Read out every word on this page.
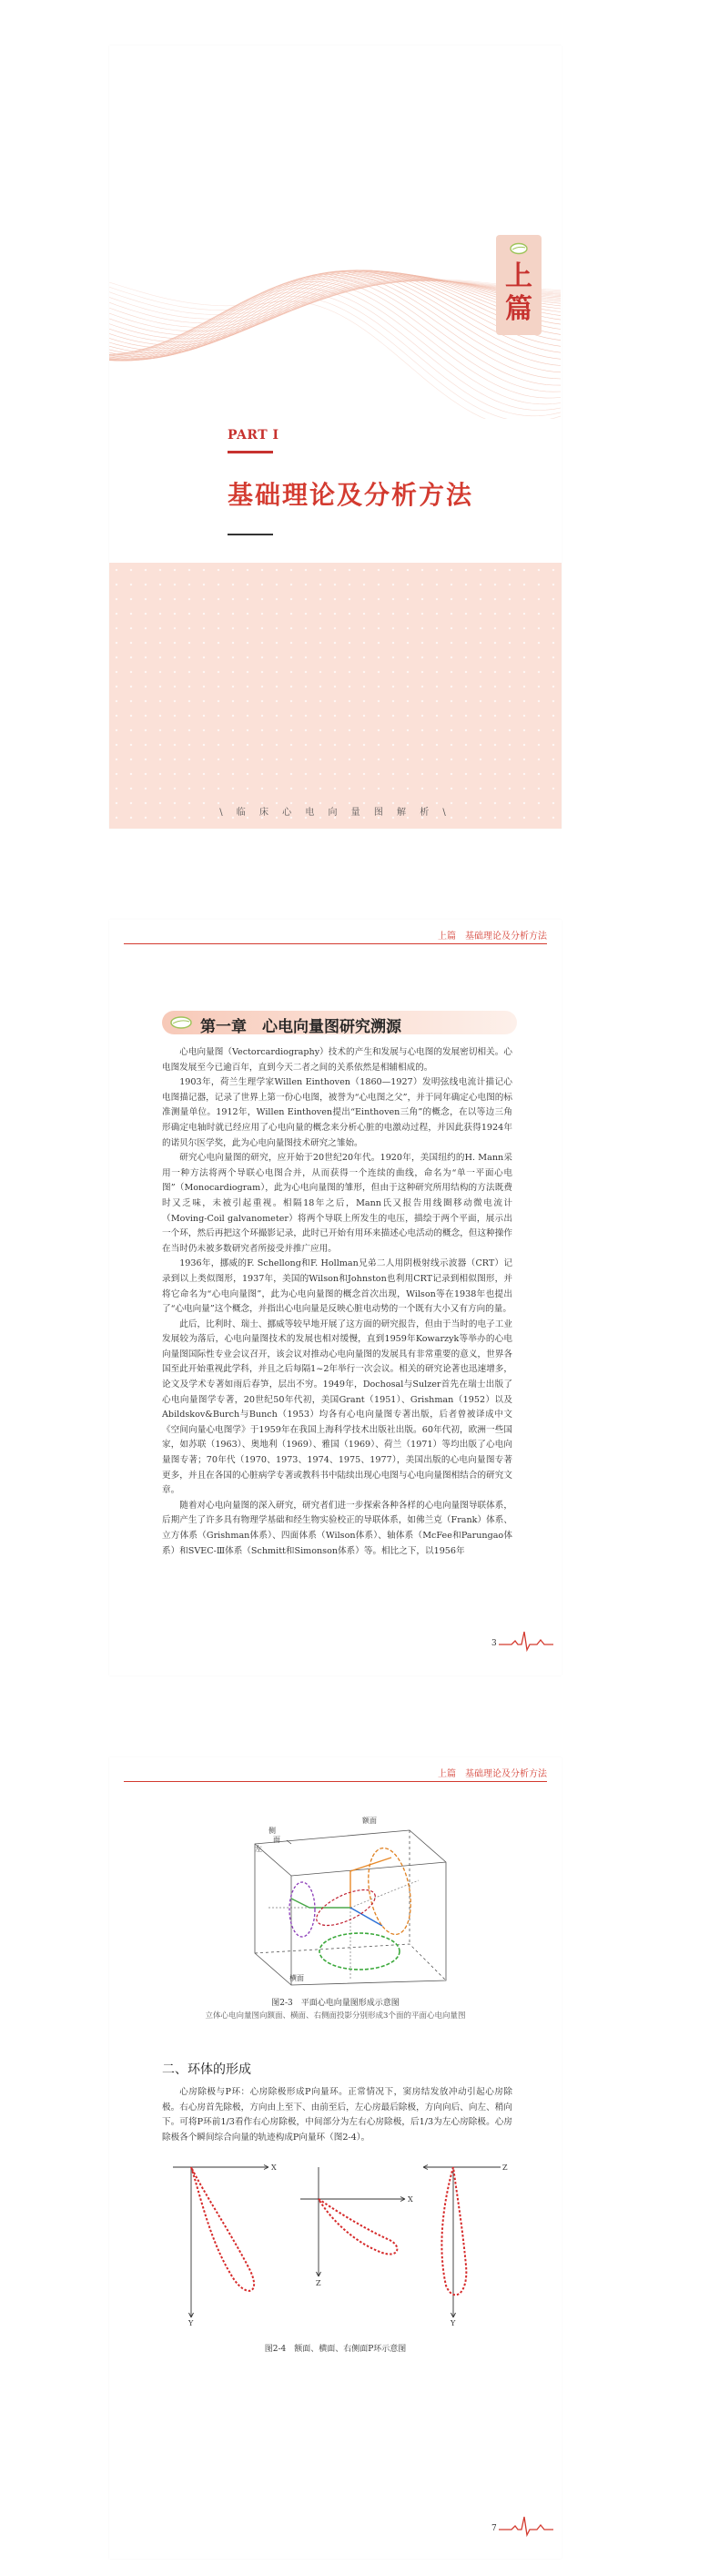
上篇
PART I
基础理论及分析方法
\ 临 床 心 电 向 量 图 解 析 \
上篇　基础理论及分析方法
第一章　心电向量图研究溯源

心电向量图（Vectorcardiography）技术的产生和发展与心电图的发展密切相关。心电图发展至今已逾百年，直到今天二者之间的关系依然是相辅相成的。

1903年，荷兰生理学家Willen Einthoven（1860—1927）发明弦线电流计描记心电图描记器，记录了世界上第一份心电图，被誉为“心电图之父”，并于同年确定心电图的标准测量单位。1912年，Willen Einthoven提出“Einthoven三角”的概念，在以等边三角形确定电轴时就已经应用了心电向量的概念来分析心脏的电激动过程，并因此获得1924年的诺贝尔医学奖，此为心电向量图技术研究之雏始。

研究心电向量图的研究，应开始于20世纪20年代。1920年，美国纽约的H. Mann采用一种方法将两个导联心电图合并，从而获得一个连续的曲线，命名为“单一平面心电图”（Monocardiogram），此为心电向量图的雏形，但由于这种研究所用结构的方法既费时又乏味，未被引起重视。相隔18年之后，Mann氏又报告用线圈移动微电流计（Moving-Coil galvanometer）将两个导联上所发生的电压，描绘于两个平面，展示出一个环，然后再把这个环撮影记录，此时已开始有用环来描述心电活动的概念，但这种操作在当时仍未被多数研究者所接受并推广应用。

1936年，挪威的F. Schellong和F. Hollman兄弟二人用阴极射线示波器（CRT）记录到以上类似图形，1937年，美国的Wilson和Johnston也利用CRT记录到相似图形，并将它命名为“心电向量图”，此为心电向量图的概念首次出现，Wilson等在1938年也提出了“心电向量”这个概念，并指出心电向量是反映心脏电动势的一个既有大小又有方向的量。

此后，比利时、瑞士、挪威等较早地开展了这方面的研究报告，但由于当时的电子工业发展较为落后，心电向量图技术的发展也相对缓慢，直到1959年Kowarzyk等举办的心电向量图国际性专业会议召开，该会议对推动心电向量图的发展具有非常重要的意义，世界各国至此开始重视此学科，并且之后每隔1~2年举行一次会议。相关的研究论著也迅速增多，论文及学术专著如雨后春笋，层出不穷。1949年，Dochosal与Sulzer首先在瑞士出版了心电向量图学专著，20世纪50年代初，美国Grant（1951）、Grishman（1952）以及Abildskov&Burch与Bunch（1953）均各有心电向量图专著出版，后者曾被译成中文《空间向量心电图学》于1959年在我国上海科学技术出版社出版。60年代初，欧洲一些国家，如苏联（1963）、奥地利（1969）、雅国（1969）、荷兰（1971）等均出版了心电向量图专著；70年代（1970、1973、1974、1975、1977），美国出版的心电向量图专著更多，并且在各国的心脏病学专著或教科书中陆续出现心电图与心电向量图相结合的研究文章。

随着对心电向量图的深入研究，研究者们进一步探索各种各样的心电向量图导联体系，后期产生了许多具有物理学基础和经生物实验校正的导联体系，如佛兰克（Frank）体系、立方体系（Grishman体系）、四面体系（Wilson体系）、轴体系（McFee和Parungao体系）和SVEC-Ⅲ体系（Schmitt和Simonson体系）等。相比之下，以1956年

3
上篇　基础理论及分析方法
额面
侧
面
左
横面
图2-3　平面心电向量图形成示意图
立体心电向量图向额面、横面、右侧面投影分别形成3个面的平面心电向量图
二、环体的形成

心房除极与P环：心房除极形成P向量环。正常情况下，窦房结发放冲动引起心房除极。右心房首先除极，方向由上至下、由前至后，左心房最后除极，方向向后、向左、稍向下。可将P环前1/3看作右心房除极，中间部分为左右心房除极，后1/3为左心房除极。心房除极各个瞬间综合向量的轨迹构成P向量环（图2-4）。

X
Y
X
Z
Z
Y
图2-4　额面、横面、右侧面P环示意图
7
